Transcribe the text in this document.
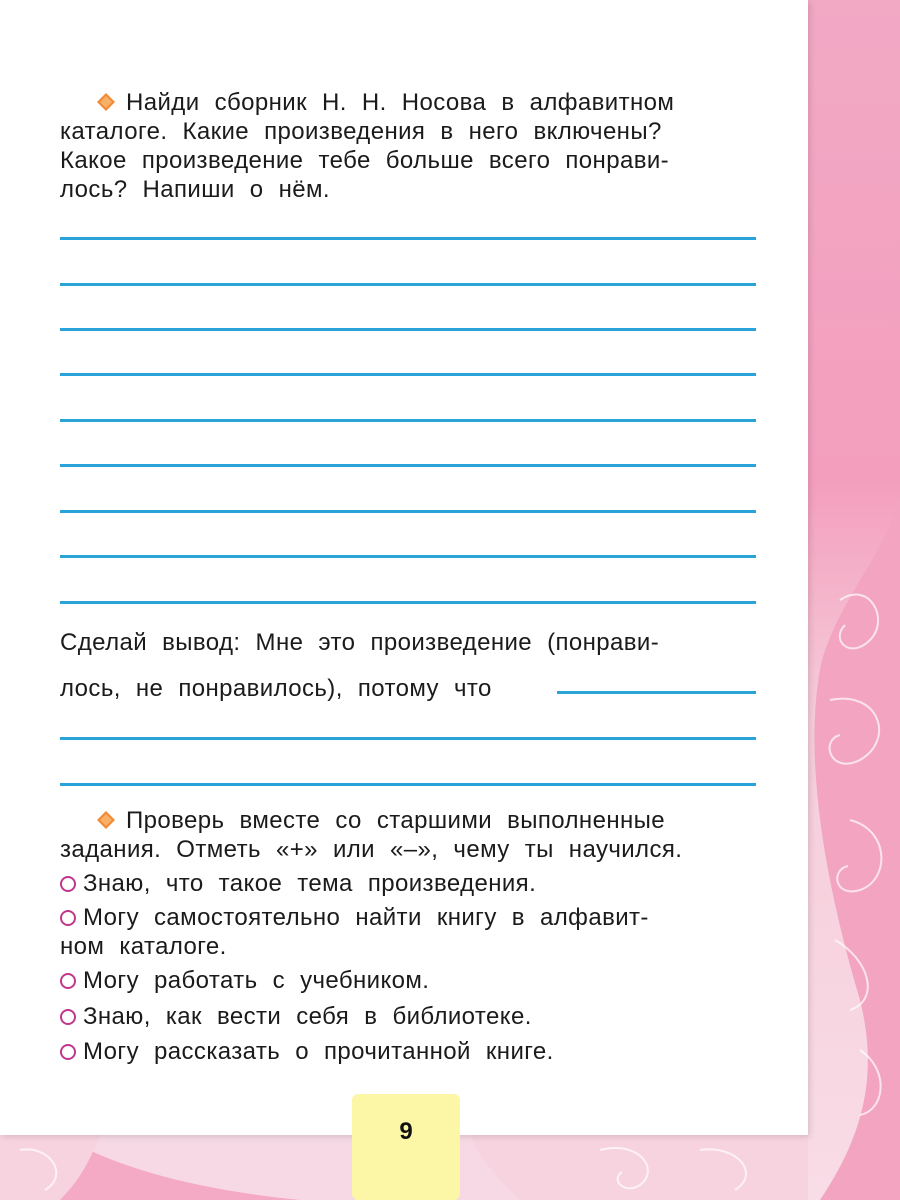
Найди сборник Н. Н. Носова в алфавитном
каталоге. Какие произведения в него включены?
Какое произведение тебе больше всего понрави-
лось? Напиши о нём.
Сделай вывод: Мне это произведение (понрави-
лось, не понравилось), потому что
Проверь вместе со старшими выполненные
задания. Отметь «+» или «–», чему ты научился.
Знаю, что такое тема произведения.
Могу самостоятельно найти книгу в алфавит-
ном каталоге.
Могу работать с учебником.
Знаю, как вести себя в библиотеке.
Могу рассказать о прочитанной книге.
9
